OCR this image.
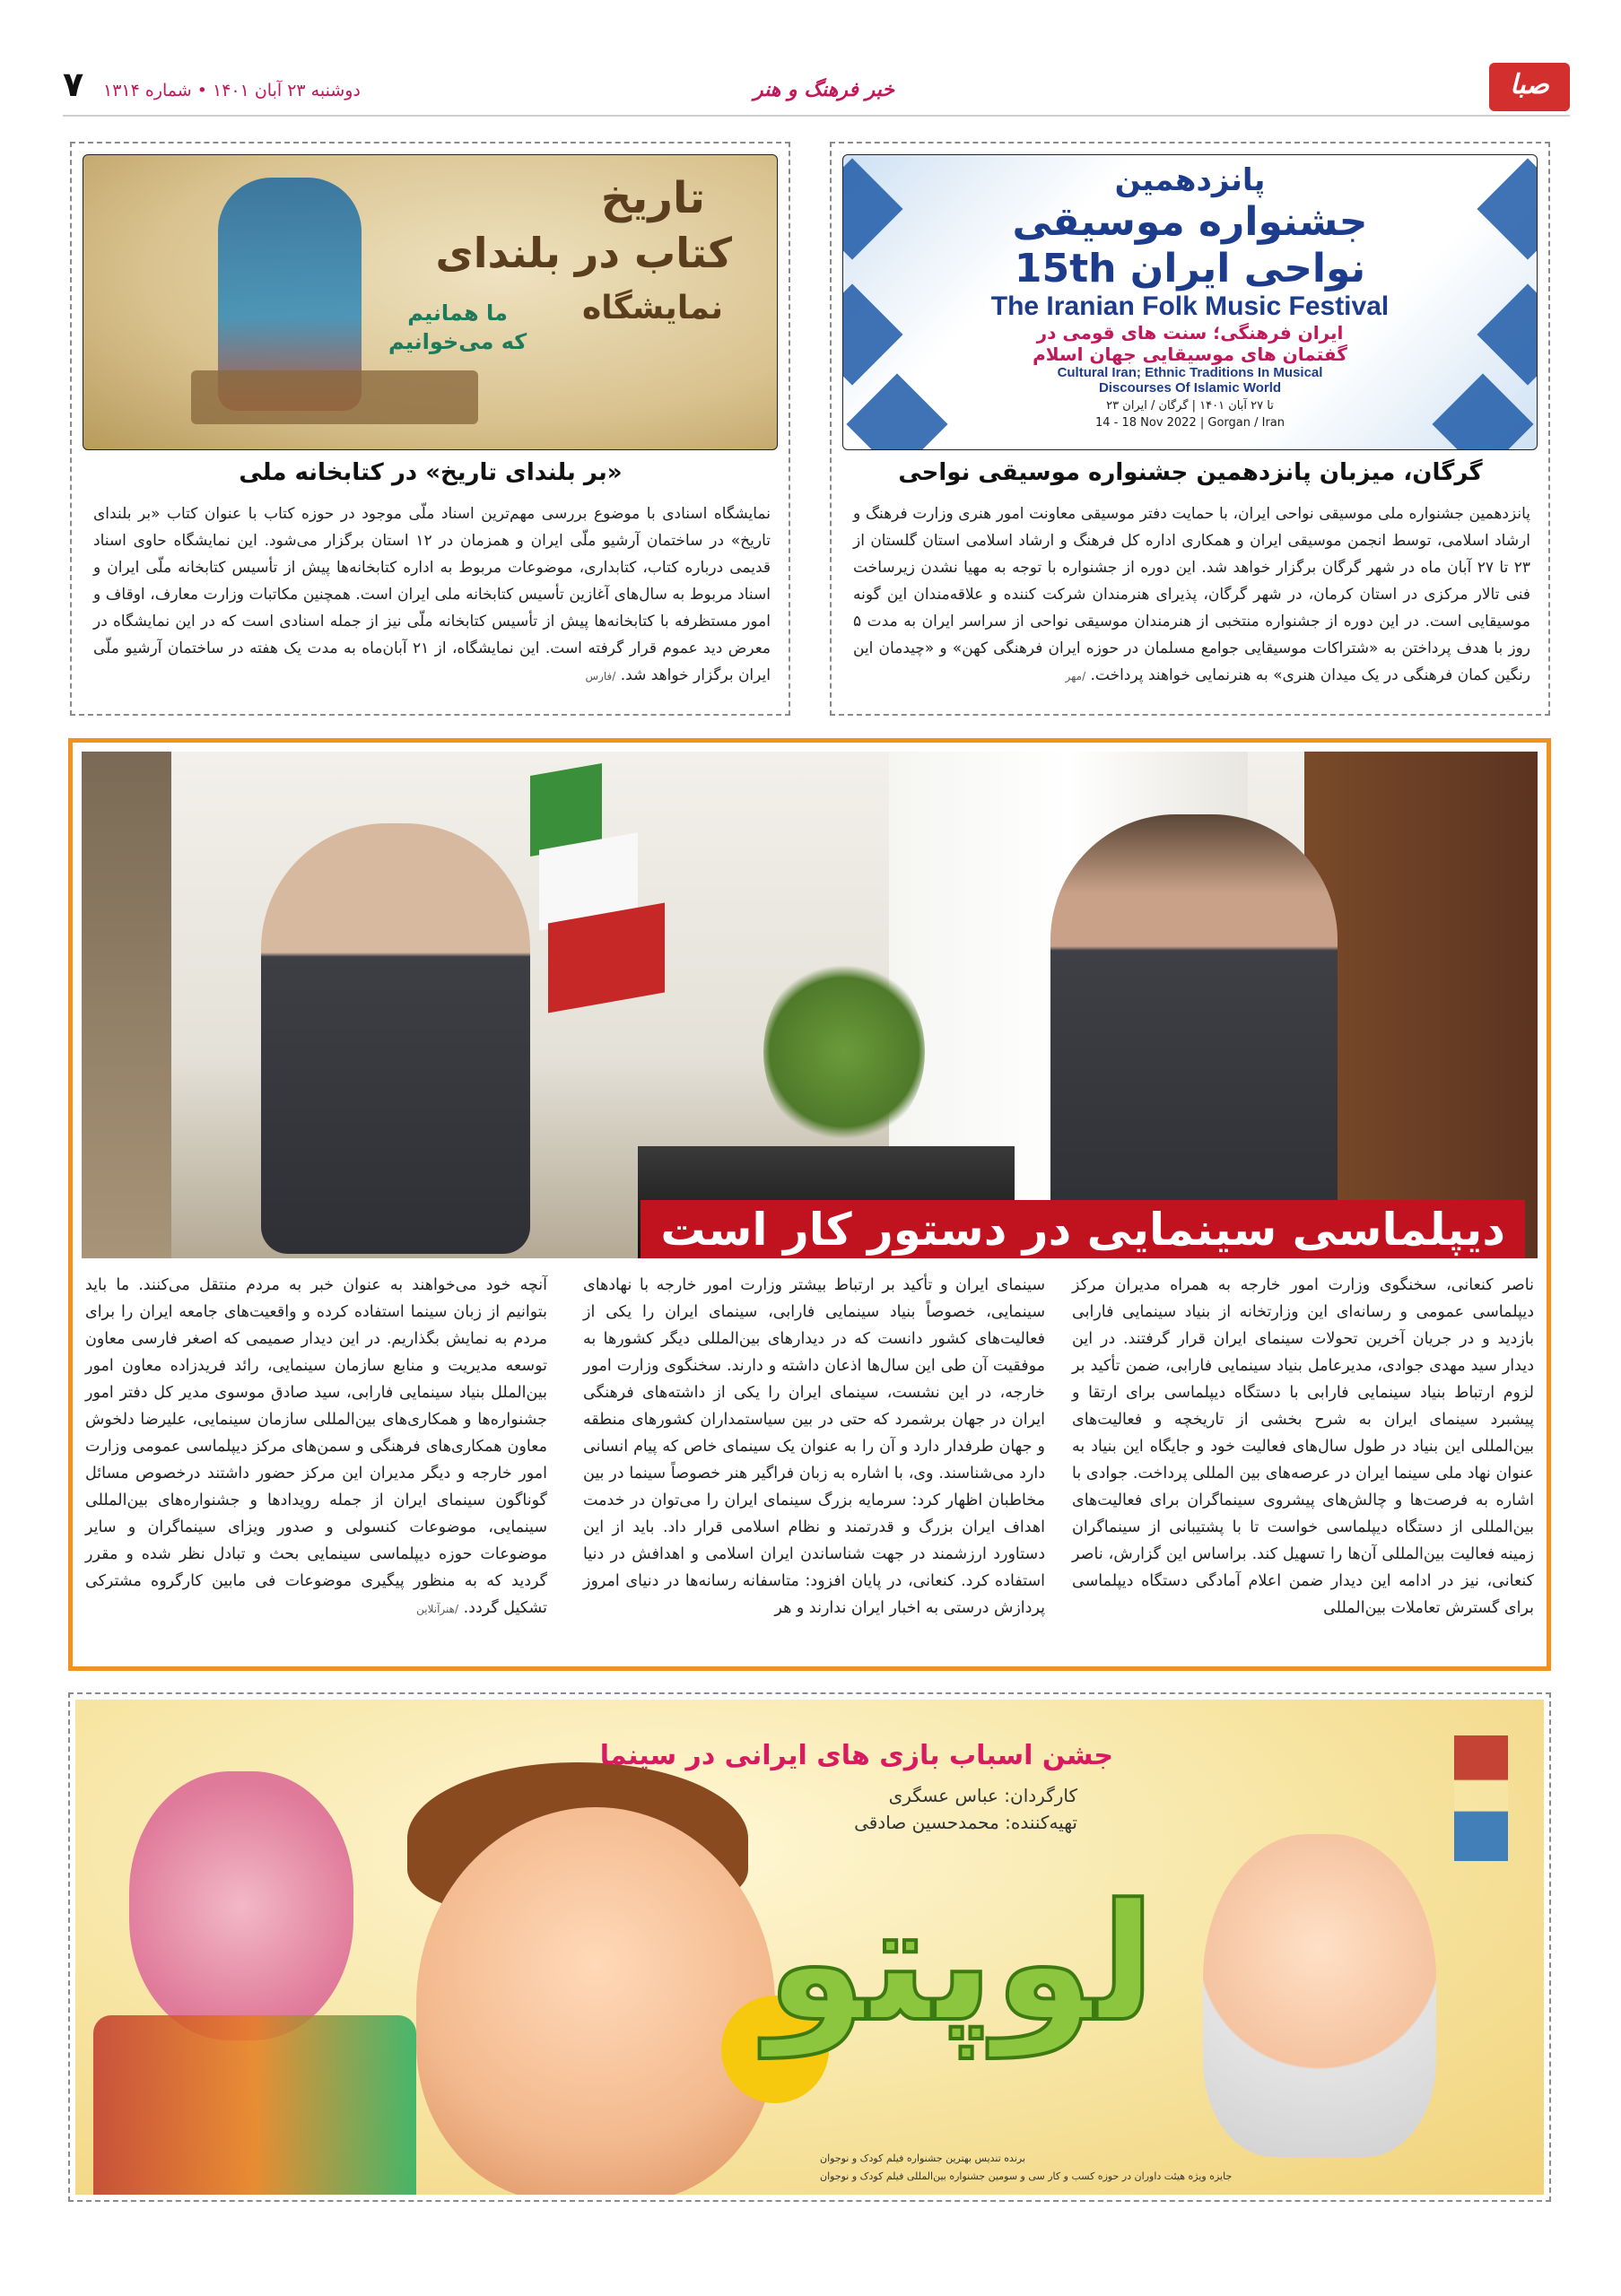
۷ دوشنبه ۲۳ آبان ۱۴۰۱ • شماره ۱۳۱۴	خبر فرهنگ و هنر	صبا
پانزدهمین
جشنواره موسیقی
نواحی ایران 15th
The Iranian Folk Music Festival
ایران فرهنگی؛ سنت های قومی در
گفتمان های موسیقایی جهان اسلام
Cultural Iran; Ethnic Traditions In Musical
Discourses Of Islamic World
۲۳ تا ۲۷ آبان ۱۴۰۱ | گرگان / ایران
14 - 18 Nov 2022 | Gorgan / Iran
گرگان، میزبان پانزدهمین جشنواره موسیقی نواحی
پانزدهمین جشنواره ملی موسیقی نواحی ایران، با حمایت دفتر موسیقی معاونت امور هنری وزارت فرهنگ و ارشاد اسلامی، توسط انجمن موسیقی ایران و همکاری اداره کل فرهنگ و ارشاد اسلامی استان گلستان از ۲۳ تا ۲۷ آبان ماه در شهر گرگان برگزار خواهد شد. این دوره از جشنواره با توجه به مهیا نشدن زیرساخت فنی تالار مرکزی در استان کرمان، در شهر گرگان، پذیرای هنرمندان شرکت کننده و علاقه‌مندان این گونه موسیقایی است. در این دوره از جشنواره منتخبی از هنرمندان موسیقی نواحی از سراسر ایران به مدت ۵ روز با هدف پرداختن به «شتراکات موسیقایی جوامع مسلمان در حوزه ایران فرهنگی کهن» و «چیدمان این رنگین کمان فرهنگی در یک میدان هنری» به هنرنمایی خواهند پرداخت. /مهر
تاریخ
کتاب در بلندای
نمایشگاه
ما همانیم
که می‌خوانیم
«بر بلندای تاریخ» در کتابخانه ملی
نمایشگاه اسنادی با موضوع بررسی مهم‌ترین اسناد ملّی موجود در حوزه کتاب با عنوان کتاب «بر بلندای تاریخ» در ساختمان آرشیو ملّی ایران و همزمان در ۱۲ استان برگزار می‌شود. این نمایشگاه حاوی اسناد قدیمی درباره کتاب، کتابداری، موضوعات مربوط به اداره کتابخانه‌ها پیش از تأسیس کتابخانه ملّی ایران و اسناد مربوط به سال‌های آغازین تأسیس کتابخانه ملی ایران است. همچنین مکاتبات وزارت معارف، اوقاف و امور مستظرفه با کتابخانه‌ها پیش از تأسیس کتابخانه ملّی نیز از جمله اسنادی است که در این نمایشگاه در معرض دید عموم قرار گرفته است. این نمایشگاه، از ۲۱ آبان‌ماه به مدت یک هفته در ساختمان آرشیو ملّی ایران برگزار خواهد شد. /فارس
دیپلماسی سینمایی در دستور کار است
ناصر کنعانی، سخنگوی وزارت امور خارجه به همراه مدیران مرکز دیپلماسی عمومی و رسانه‌ای این وزارتخانه از بنیاد سینمایی فارابی بازدید و در جریان آخرین تحولات سینمای ایران قرار گرفتند. در این دیدار سید مهدی جوادی، مدیرعامل بنیاد سینمایی فارابی، ضمن تأکید بر لزوم ارتباط بنیاد سینمایی فارابی با دستگاه دیپلماسی برای ارتقا و پیشبرد سینمای ایران به شرح بخشی از تاریخچه و فعالیت‌های بین‌المللی این بنیاد در طول سال‌های فعالیت خود و جایگاه این بنیاد به عنوان نهاد ملی سینما ایران در عرصه‌های بین المللی پرداخت. جوادی با اشاره به فرصت‌ها و چالش‌های پیشروی سینماگران برای فعالیت‌های بین‌المللی از دستگاه دیپلماسی خواست تا با پشتیبانی از سینماگران زمینه فعالیت بین‌المللی آن‌ها را تسهیل کند. براساس این گزارش، ناصر کنعانی، نیز در ادامه این دیدار ضمن اعلام آمادگی دستگاه دیپلماسی برای گسترش تعاملات بین‌المللی
سینمای ایران و تأکید بر ارتباط بیشتر وزارت امور خارجه با نهادهای سینمایی، خصوصاً بنیاد سینمایی فارابی، سینمای ایران را یکی از فعالیت‌های کشور دانست که در دیدارهای بین‌المللی دیگر کشورها به موفقیت آن طی این سال‌ها اذعان داشته و دارند. سخنگوی وزارت امور خارجه، در این نشست، سینمای ایران را یکی از داشته‌های فرهنگی ایران در جهان برشمرد که حتی در بین سیاستمداران کشورهای منطقه و جهان طرفدار دارد و آن را به عنوان یک سینمای خاص که پیام انسانی دارد می‌شناسند. وی، با اشاره به زبان فراگیر هنر خصوصاً سینما در بین مخاطبان اظهار کرد: سرمایه بزرگ سینمای ایران را می‌توان در خدمت اهداف ایران بزرگ و قدرتمند و نظام اسلامی قرار داد. باید از این دستاورد ارزشمند در جهت شناساندن ایران اسلامی و اهدافش در دنیا استفاده کرد. کنعانی، در پایان افزود: متاسفانه رسانه‌ها در دنیای امروز پردازش درستی به اخبار ایران ندارند و هر
آنچه خود می‌خواهند به عنوان خبر به مردم منتقل می‌کنند. ما باید بتوانیم از زبان سینما استفاده کرده و واقعیت‌های جامعه ایران را برای مردم به نمایش بگذاریم. در این دیدار صمیمی که اصغر فارسی معاون توسعه مدیریت و منابع سازمان سینمایی، رائد فریدزاده معاون امور بین‌الملل بنیاد سینمایی فارابی، سید صادق موسوی مدیر کل دفتر امور جشنواره‌ها و همکاری‌های بین‌المللی سازمان سینمایی، علیرضا دلخوش معاون همکاری‌های فرهنگی و سمن‌های مرکز دیپلماسی عمومی وزارت امور خارجه و دیگر مدیران این مرکز حضور داشتند درخصوص مسائل گوناگون سینمای ایران از جمله رویدادها و جشنواره‌های بین‌المللی سینمایی، موضوعات کنسولی و صدور ویزای سینماگران و سایر موضوعات حوزه دیپلماسی سینمایی بحث و تبادل نظر شده و مقرر گردید که به منظور پیگیری موضوعات فی مابین کارگروه مشترکی تشکیل گردد. /هنرآنلاین
لوپتو
جشن اسباب بازی های ایرانی در سینما
کارگردان: عباس عسگری
تهیه‌کننده: محمدحسین صادقی
برنده تندیس بهترین جشنواره فیلم کودک و نوجوان
جایزه ویژه هیئت داوران در حوزه کسب و کار سی و سومین جشنواره بین‌المللی فیلم کودک و نوجوان
